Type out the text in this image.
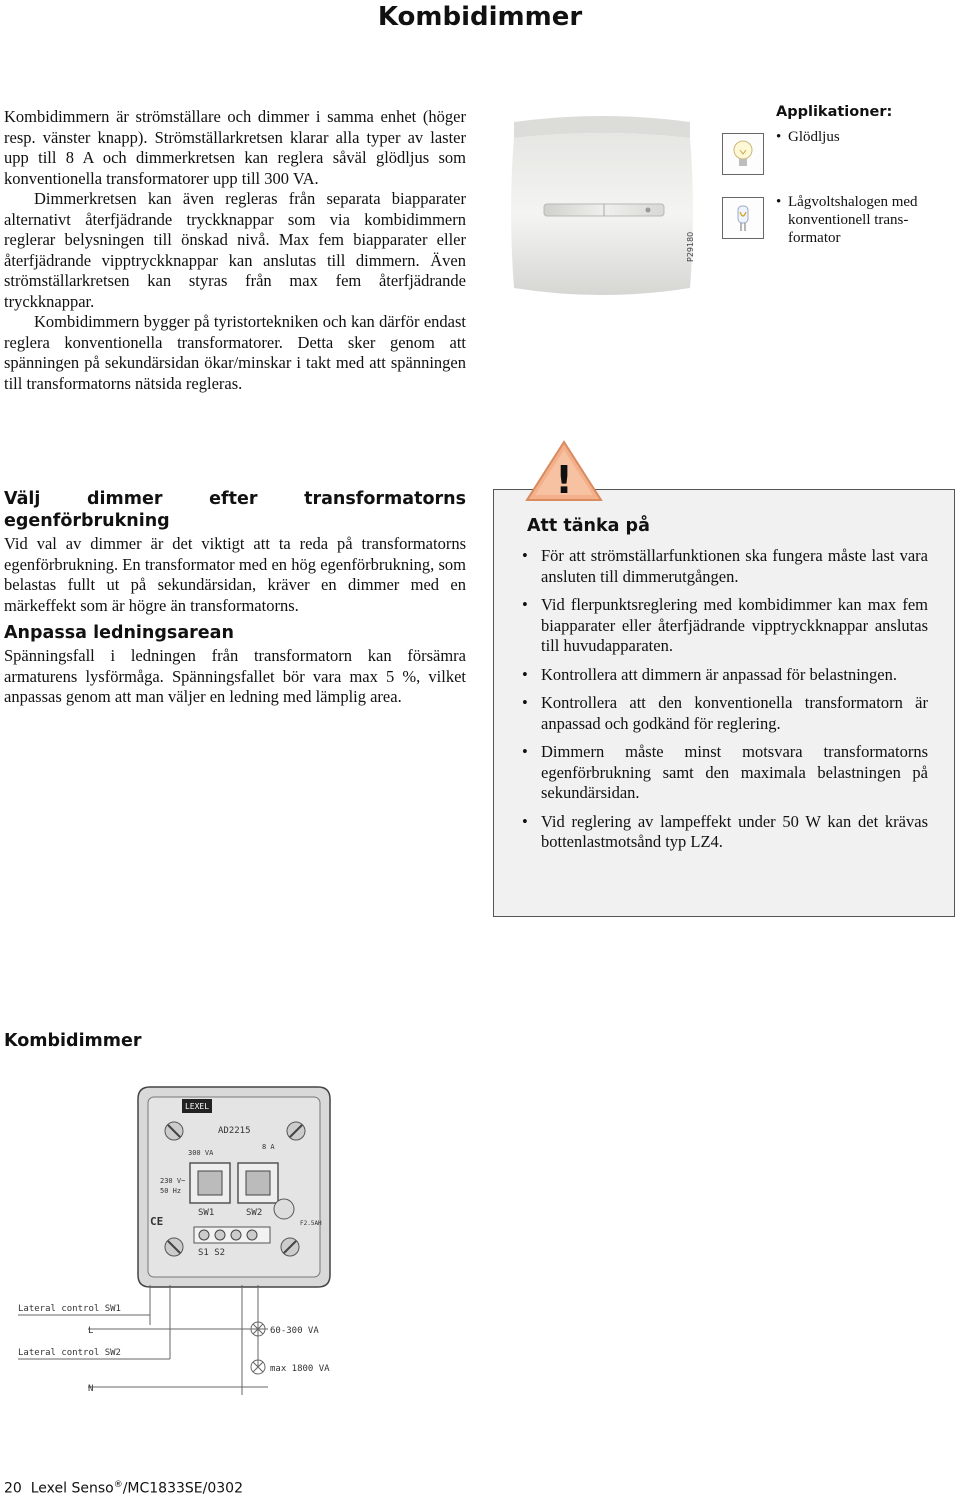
Kombidimmer

Kombidimmern är strömställare och dimmer i samma enhet (höger resp. vänster knapp). Strömställarkretsen klarar alla typer av laster upp till 8 A och dimmerkretsen kan reglera såväl glödljus som konventionella transformatorer upp till 300 VA.

Dimmerkretsen kan även regleras från separata biapparater alternativt återfjädrande tryckknappar som via kombidimmern reglerar belysningen till önskad nivå. Max fem biapparater eller återfjädrande vipptryckknappar kan anslutas till dimmern. Även strömställarkretsen kan styras från max fem återfjädrande tryckknappar.

Kombidimmern bygger på tyristortekniken och kan därför endast reglera konventionella transformatorer. Detta sker genom att spänningen på sekundärsidan ökar/minskar i takt med att spänningen till transformatorns nätsida regleras.

P29180
Applikationer:
• Glödljus
• Lågvoltshalogen med konventionell transformator
Välj dimmer efter transformatorns egenförbrukning

Vid val av dimmer är det viktigt att ta reda på transformatorns egenförbrukning. En transformator med en hög egenförbrukning, som belastas fullt ut på sekundärsidan, kräver en dimmer med en märkeffekt som är högre än transformatorns.

Anpassa ledningsarean

Spänningsfall i ledningen från transformatorn kan försämra armaturens lysförmåga. Spänningsfallet bör vara max 5 %, vilket anpassas genom att man väljer en ledning med lämplig area.

!
Att tänka på
• För att strömställarfunktionen ska fungera måste last vara ansluten till dimmerutgången.
• Vid flerpunktsreglering med kombidimmer kan max fem biapparater eller återfjädrande vipptryckknappar anslutas till huvudapparaten.
• Kontrollera att dimmern är anpassad för belastningen.
• Kontrollera att den konventionella transformatorn är anpassad och godkänd för reglering.
• Dimmern måste minst motsvara transformatorns egenförbrukning samt den maximala belastningen på sekundärsidan.
• Vid reglering av lampeffekt under 50 W kan det krävas bottenlastmotsånd typ LZ4.
Kombidimmer
LEXEL
AD2215
300 VA
8 A
230 V~
50 Hz
SW1	SW2
CE	F2.5AH
S1 S2
Lateral control SW1
L
Lateral control SW2
N
60-300 VA
max 1800 VA
20 Lexel Senso®/MC1833SE/0302
